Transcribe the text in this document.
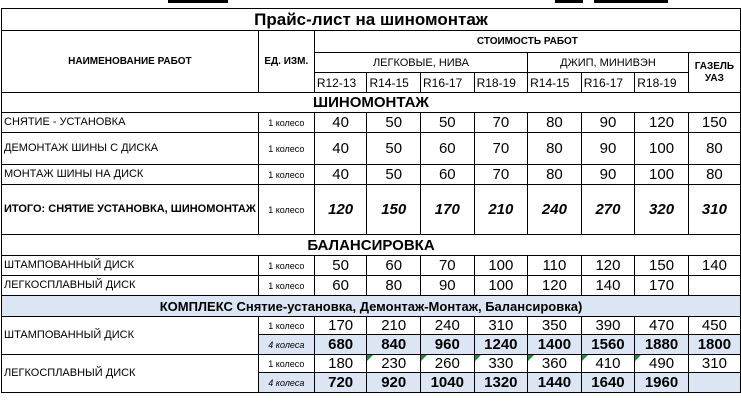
Прайс-лист на шиномонтаж									
НАИМЕНОВАНИЕ РАБОТ	ЕД. ИЗМ.	СТОИМОСТЬ РАБОТ							
		ЛЕГКОВЫЕ, НИВА				ДЖИП, МИНИВЭН			ГАЗЕЛЬ
УАЗ
		R12-13	R14-15	R16-17	R18-19	R14-15	R16-17	R18-19	
ШИНОМОНТАЖ									
СНЯТИЕ - УСТАНОВКА	1 колесо	40	50	50	70	80	90	120	150
ДЕМОНТАЖ ШИНЫ С ДИСКА	1 колесо	40	50	60	70	80	90	100	80
МОНТАЖ ШИНЫ НА ДИСК	1 колесо	40	50	60	70	80	90	100	80
ИТОГО: СНЯТИЕ УСТАНОВКА, ШИНОМОНТАЖ	1 колесо	120	150	170	210	240	270	320	310
БАЛАНСИРОВКА									
ШТАМПОВАННЫЙ ДИСК	1 колесо	50	60	70	100	110	120	150	140
ЛЕГКОСПЛАВНЫЙ ДИСК	1 колесо	60	80	90	100	120	140	170	
КОМПЛЕКС Снятие-установка, Демонтаж-Монтаж, Балансировка)									
ШТАМПОВАННЫЙ ДИСК	1 колесо	170	210	240	310	350	390	470	450
	4 колеса	680	840	960	1240	1400	1560	1880	1800
ЛЕГКОСПЛАВНЫЙ ДИСК	1 колесо	180	230	260	330	360	410	490	310
	4 колеса	720	920	1040	1320	1440	1640	1960	
